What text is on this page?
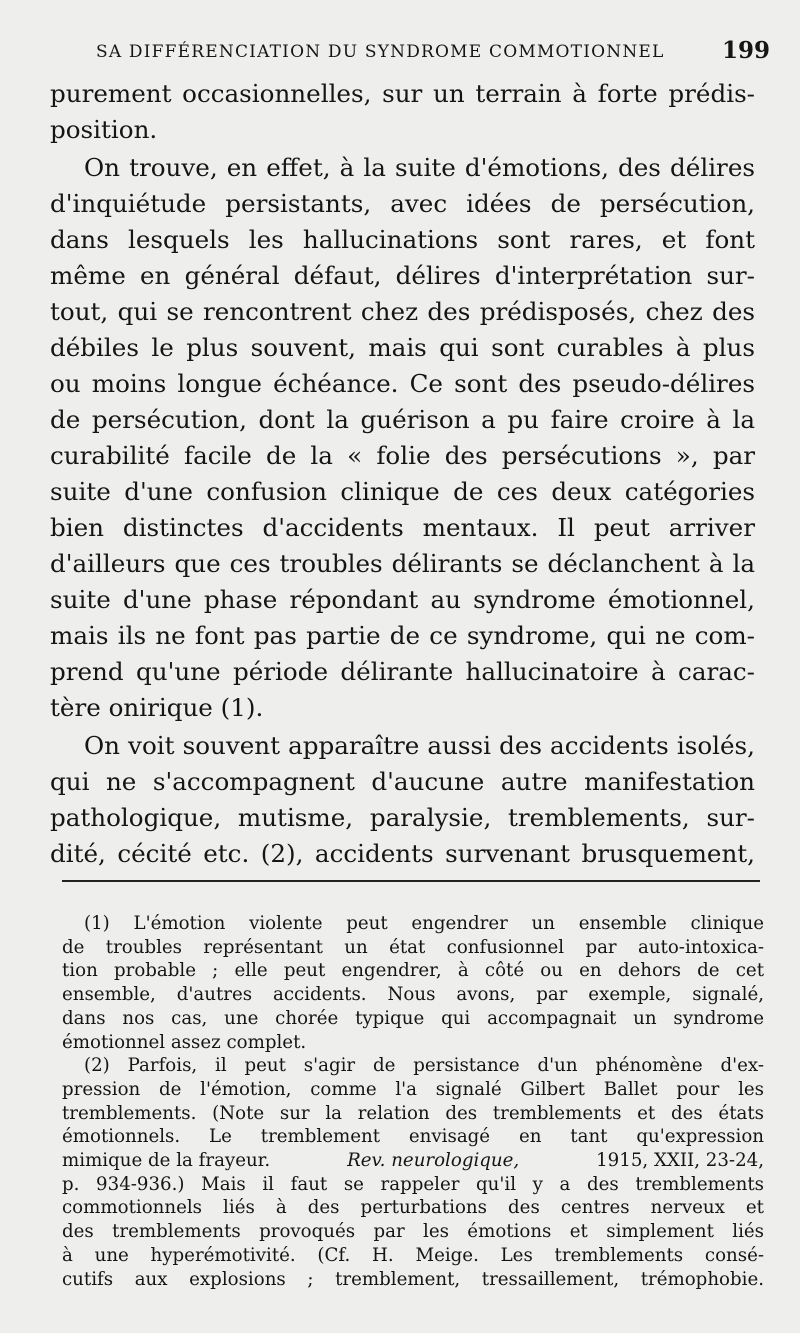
SA DIFFÉRENCIATION DU SYNDROME COMMOTIONNEL 199
purement occasionnelles, sur un terrain à forte prédis-
position.
On trouve, en effet, à la suite d'émotions, des délires
d'inquiétude persistants, avec idées de persécution,
dans lesquels les hallucinations sont rares, et font
même en général défaut, délires d'interprétation sur-
tout, qui se rencontrent chez des prédisposés, chez des
débiles le plus souvent, mais qui sont curables à plus
ou moins longue échéance. Ce sont des pseudo-délires
de persécution, dont la guérison a pu faire croire à la
curabilité facile de la « folie des persécutions », par
suite d'une confusion clinique de ces deux catégories
bien distinctes d'accidents mentaux. Il peut arriver
d'ailleurs que ces troubles délirants se déclanchent à la
suite d'une phase répondant au syndrome émotionnel,
mais ils ne font pas partie de ce syndrome, qui ne com-
prend qu'une période délirante hallucinatoire à carac-
tère onirique (1).
On voit souvent apparaître aussi des accidents isolés,
qui ne s'accompagnent d'aucune autre manifestation
pathologique, mutisme, paralysie, tremblements, sur-
dité, cécité etc. (2), accidents survenant brusquement,
(1) L'émotion violente peut engendrer un ensemble clinique
de troubles représentant un état confusionnel par auto-intoxica-
tion probable ; elle peut engendrer, à côté ou en dehors de cet
ensemble, d'autres accidents. Nous avons, par exemple, signalé,
dans nos cas, une chorée typique qui accompagnait un syndrome
émotionnel assez complet.
(2) Parfois, il peut s'agir de persistance d'un phénomène d'ex-
pression de l'émotion, comme l'a signalé Gilbert Ballet pour les
tremblements. (Note sur la relation des tremblements et des états
émotionnels. Le tremblement envisagé en tant qu'expression
mimique de la frayeur.	Rev. neurologique,	1915, XXII, 23-24,
p. 934-936.) Mais il faut se rappeler qu'il y a des tremblements
commotionnels liés à des perturbations des centres nerveux et
des tremblements provoqués par les émotions et simplement liés
à une hyperémotivité. (Cf. H. Meige. Les tremblements consé-
cutifs aux explosions ; tremblement, tressaillement, trémophobie.
